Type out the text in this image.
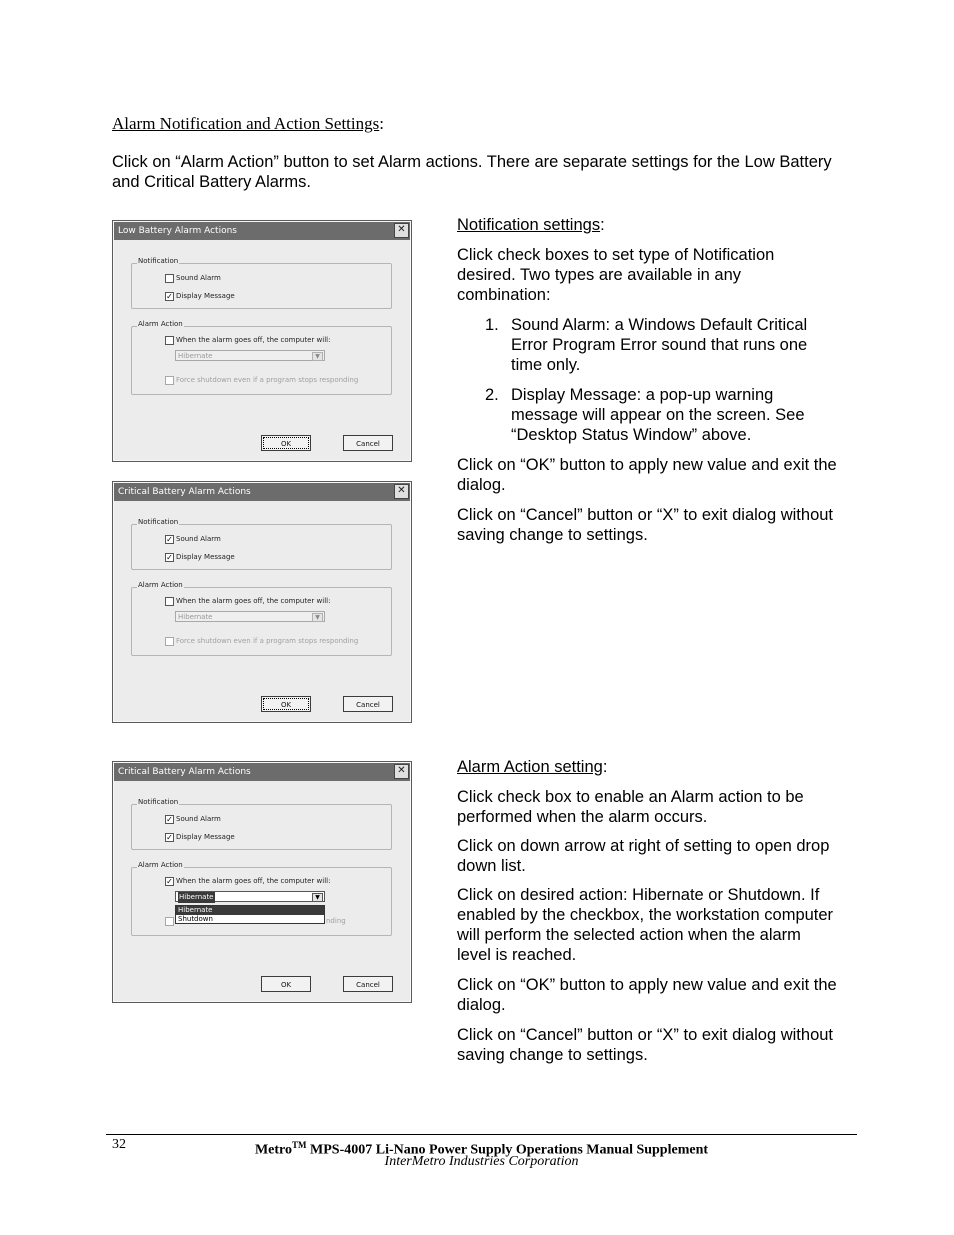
Alarm Notification and Action Settings:

Click on “Alarm Action” button to set Alarm actions. There are separate settings for the Low Battery and Critical Battery Alarms.

Low Battery Alarm Actions	✕
Notification
Sound Alarm
✓ Display Message
Alarm Action
When the alarm goes off, the computer will:
Hibernate	▼
Force shutdown even if a program stops responding
OK	Cancel
Critical Battery Alarm Actions	✕
Notification
✓ Sound Alarm
✓ Display Message
Alarm Action
When the alarm goes off, the computer will:
Hibernate	▼
Force shutdown even if a program stops responding
OK	Cancel
Critical Battery Alarm Actions	✕
Notification
✓ Sound Alarm
✓ Display Message
Alarm Action
✓ When the alarm goes off, the computer will:
Hibernate	▼
Hibernate
Shutdown	nding
OK	Cancel

Notification settings:

Click check boxes to set type of Notification desired. Two types are available in any combination:

1. Sound Alarm: a Windows Default Critical Error Program Error sound that runs one time only.
2. Display Message: a pop-up warning message will appear on the screen. See “Desktop Status Window” above.

Click on “OK” button to apply new value and exit the dialog.

Click on “Cancel” button or “X” to exit dialog without saving change to settings.

Alarm Action setting:

Click check box to enable an Alarm action to be performed when the alarm occurs.

Click on down arrow at right of setting to open drop down list.

Click on desired action: Hibernate or Shutdown. If enabled by the checkbox, the workstation computer will perform the selected action when the alarm level is reached.

Click on “OK” button to apply new value and exit the dialog.

Click on “Cancel” button or “X” to exit dialog without saving change to settings.

32	Metro™ MPS-4007 Li-Nano Power Supply Operations Manual Supplement
InterMetro Industries Corporation
